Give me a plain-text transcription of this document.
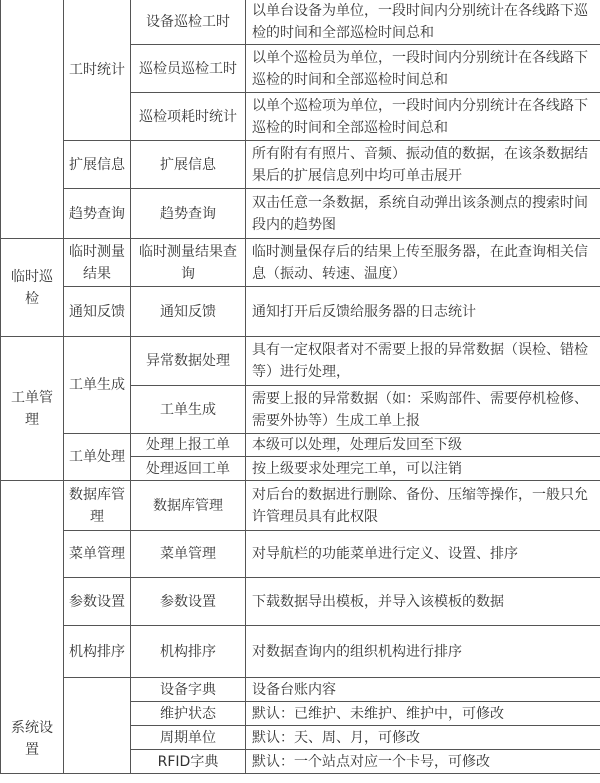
	工时统计	设备巡检工时	以单台设备为单位，一段时间内分别统计在各线路下巡检的时间和全部巡检时间总和
		巡检员巡检工时	以单个巡检员为单位，一段时间内分别统计在各线路下巡检的时间和全部巡检时间总和
		巡检项耗时统计	以单个巡检项为单位，一段时间内分别统计在各线路下巡检的时间和全部巡检时间总和
	扩展信息	扩展信息	所有附有有照片、音频、振动值的数据，在该条数据结果后的扩展信息列中均可单击展开
	趋势查询	趋势查询	双击任意一条数据，系统自动弹出该条测点的搜索时间段内的趋势图
临时巡检	临时测量结果	临时测量结果查询	临时测量保存后的结果上传至服务器，在此查询相关信息（振动、转速、温度）
	通知反馈	通知反馈	通知打开后反馈给服务器的日志统计
工单管理	工单生成	异常数据处理	具有一定权限者对不需要上报的异常数据（误检、错检等）进行处理，
		工单生成	需要上报的异常数据（如：采购部件、需要停机检修、需要外协等）生成工单上报
	工单处理	处理上报工单	本级可以处理，处理后发回至下级
		处理返回工单	按上级要求处理完工单，可以注销
系统设置	数据库管理	数据库管理	对后台的数据进行删除、备份、压缩等操作，一般只允许管理员具有此权限
	菜单管理	菜单管理	对导航栏的功能菜单进行定义、设置、排序
	参数设置	参数设置	下载数据导出模板，并导入该模板的数据
	机构排序	机构排序	对数据查询内的组织机构进行排序
		设备字典	设备台账内容
		维护状态	默认：已维护、未维护、维护中，可修改
		周期单位	默认：天、周、月，可修改
		RFID字典	默认：一个站点对应一个卡号，可修改
